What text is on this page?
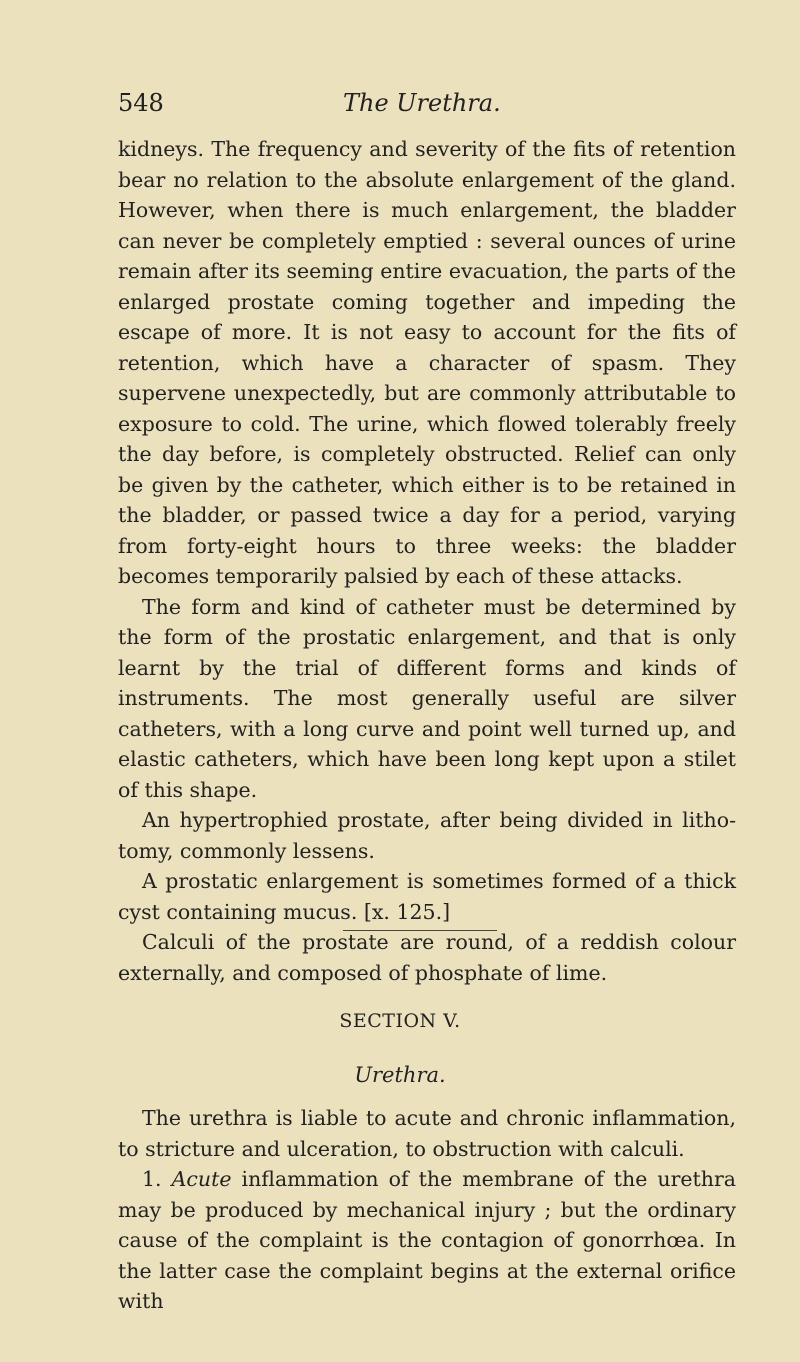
548	The Urethra.

kidneys. The frequency and severity of the fits of retention bear no relation to the absolute enlargement of the gland. However, when there is much enlargement, the bladder can never be completely emptied : several ounces of urine remain after its seeming entire evacuation, the parts of the enlarged prostate coming together and impeding the escape of more. It is not easy to account for the fits of retention, which have a character of spasm. They supervene unexpectedly, but are commonly attributable to exposure to cold. The urine, which flowed tolerably freely the day before, is completely obstructed. Relief can only be given by the catheter, which either is to be retained in the bladder, or passed twice a day for a period, varying from forty-eight hours to three weeks: the bladder becomes temporarily palsied by each of these attacks.

The form and kind of catheter must be determined by the form of the prostatic enlargement, and that is only learnt by the trial of different forms and kinds of instruments. The most generally useful are silver catheters, with a long curve and point well turned up, and elastic catheters, which have been long kept upon a stilet of this shape.

An hypertrophied prostate, after being divided in litho- tomy, commonly lessens.

A prostatic enlargement is sometimes formed of a thick cyst containing mucus. [x. 125.]

Calculi of the prostate are round, of a reddish colour externally, and composed of phosphate of lime.

SECTION V.
Urethra.

The urethra is liable to acute and chronic inflammation, to stricture and ulceration, to obstruction with calculi.

1. Acute inflammation of the membrane of the urethra may be produced by mechanical injury ; but the ordinary cause of the complaint is the contagion of gonorrhœa. In the latter case the complaint begins at the external orifice with
